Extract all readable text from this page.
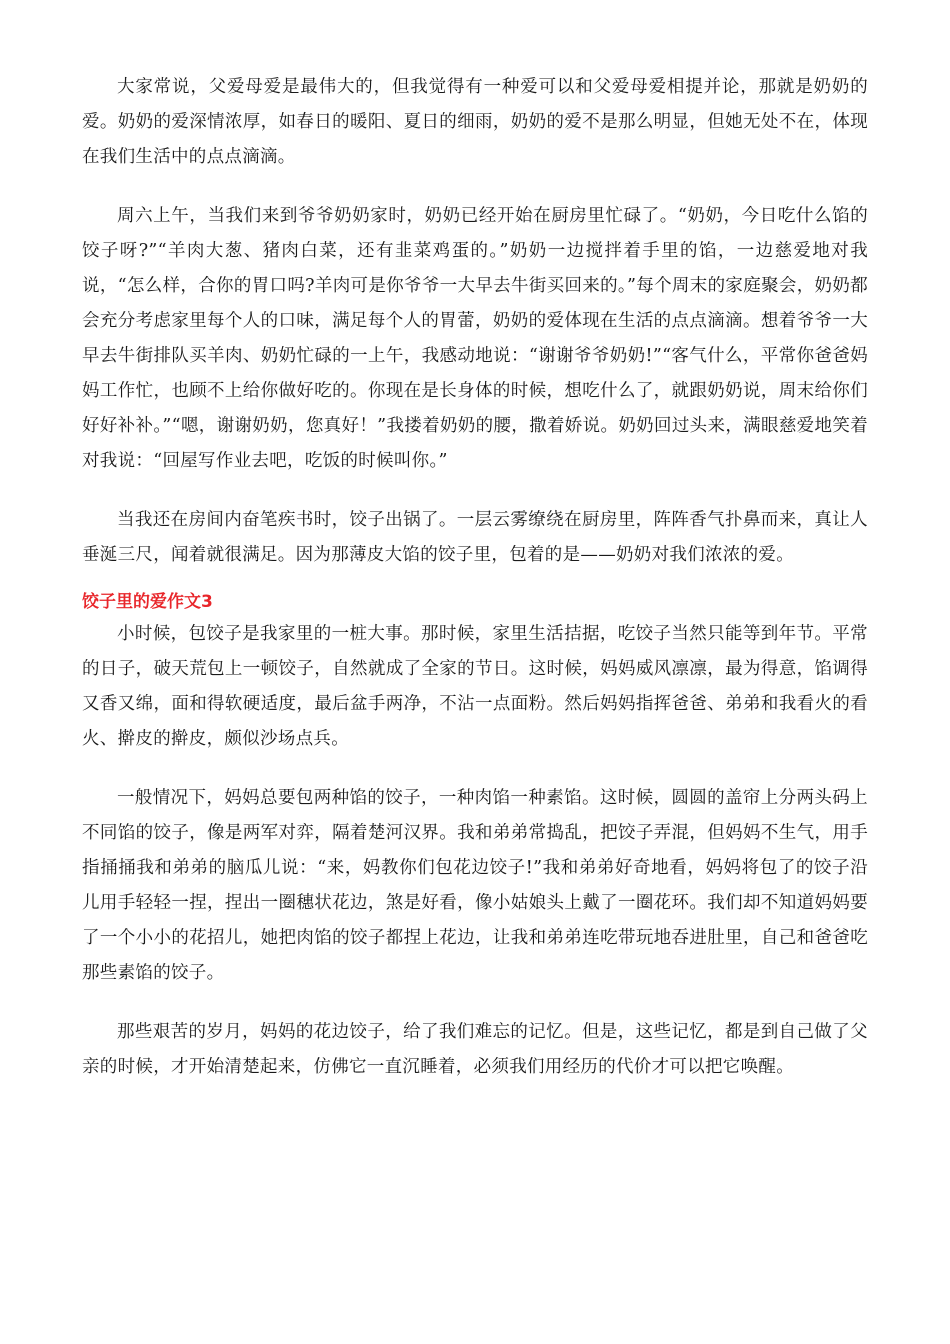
大家常说，父爱母爱是最伟大的，但我觉得有一种爱可以和父爱母爱相提并论，那就是奶奶的爱。奶奶的爱深情浓厚，如春日的暖阳、夏日的细雨，奶奶的爱不是那么明显，但她无处不在，体现在我们生活中的点点滴滴。

周六上午，当我们来到爷爷奶奶家时，奶奶已经开始在厨房里忙碌了。“奶奶，今日吃什么馅的饺子呀?”“羊肉大葱、猪肉白菜，还有韭菜鸡蛋的。”奶奶一边搅拌着手里的馅，一边慈爱地对我说，“怎么样，合你的胃口吗?羊肉可是你爷爷一大早去牛街买回来的。”每个周末的家庭聚会，奶奶都会充分考虑家里每个人的口味，满足每个人的胃蕾，奶奶的爱体现在生活的点点滴滴。想着爷爷一大早去牛街排队买羊肉、奶奶忙碌的一上午，我感动地说：“谢谢爷爷奶奶!”“客气什么，平常你爸爸妈妈工作忙，也顾不上给你做好吃的。你现在是长身体的时候，想吃什么了，就跟奶奶说，周末给你们好好补补。”“嗯，谢谢奶奶，您真好！”我搂着奶奶的腰，撒着娇说。奶奶回过头来，满眼慈爱地笑着对我说：“回屋写作业去吧，吃饭的时候叫你。”

当我还在房间内奋笔疾书时，饺子出锅了。一层云雾缭绕在厨房里，阵阵香气扑鼻而来，真让人垂涎三尺，闻着就很满足。因为那薄皮大馅的饺子里，包着的是——奶奶对我们浓浓的爱。

饺子里的爱作文3

小时候，包饺子是我家里的一桩大事。那时候，家里生活拮据，吃饺子当然只能等到年节。平常的日子，破天荒包上一顿饺子，自然就成了全家的节日。这时候，妈妈威风凛凛，最为得意，馅调得又香又绵，面和得软硬适度，最后盆手两净，不沾一点面粉。然后妈妈指挥爸爸、弟弟和我看火的看火、擀皮的擀皮，颇似沙场点兵。

一般情况下，妈妈总要包两种馅的饺子，一种肉馅一种素馅。这时候，圆圆的盖帘上分两头码上不同馅的饺子，像是两军对弈，隔着楚河汉界。我和弟弟常捣乱，把饺子弄混，但妈妈不生气，用手指捅捅我和弟弟的脑瓜儿说：“来，妈教你们包花边饺子!”我和弟弟好奇地看，妈妈将包了的饺子沿儿用手轻轻一捏，捏出一圈穗状花边，煞是好看，像小姑娘头上戴了一圈花环。我们却不知道妈妈要了一个小小的花招儿，她把肉馅的饺子都捏上花边，让我和弟弟连吃带玩地吞进肚里，自己和爸爸吃那些素馅的饺子。

那些艰苦的岁月，妈妈的花边饺子，给了我们难忘的记忆。但是，这些记忆，都是到自己做了父亲的时候，才开始清楚起来，仿佛它一直沉睡着，必须我们用经历的代价才可以把它唤醒。
